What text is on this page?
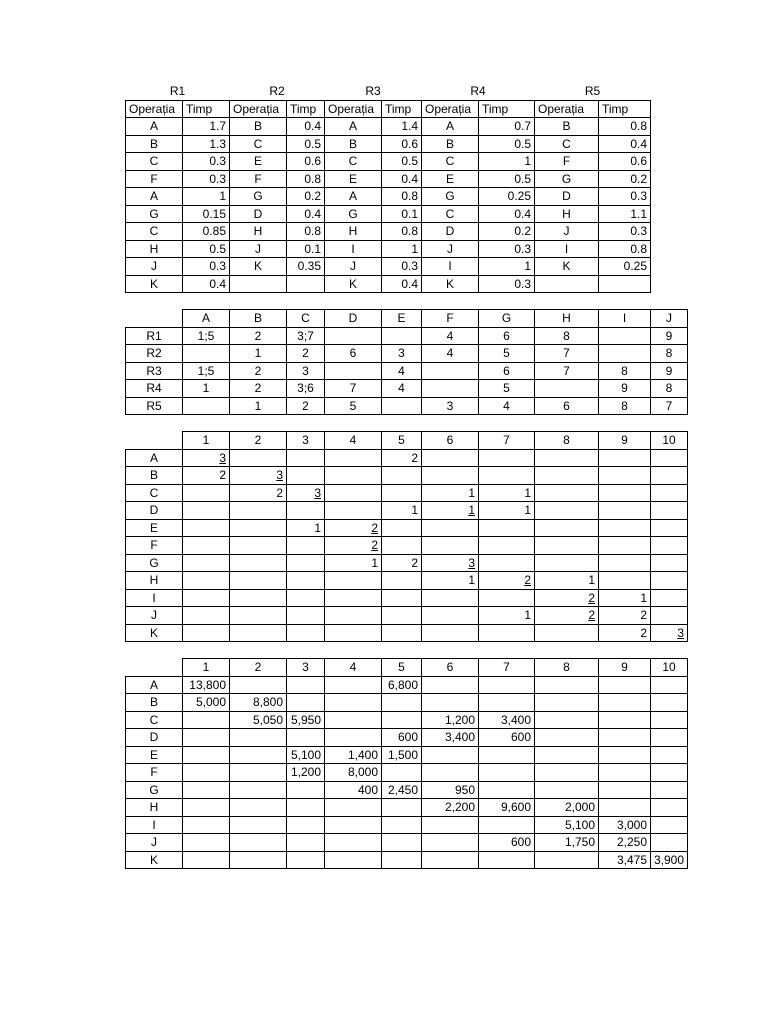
R1		R2		R3		R4		R5	
Operația	Timp	Operația	Timp	Operația	Timp	Operația	Timp	Operația	Timp
A	1.7	B	0.4	A	1.4	A	0.7	B	0.8
B	1.3	C	0.5	B	0.6	B	0.5	C	0.4
C	0.3	E	0.6	C	0.5	C	1	F	0.6
F	0.3	F	0.8	E	0.4	E	0.5	G	0.2
A	1	G	0.2	A	0.8	G	0.25	D	0.3
G	0.15	D	0.4	G	0.1	C	0.4	H	1.1
C	0.85	H	0.8	H	0.8	D	0.2	J	0.3
H	0.5	J	0.1	I	1	J	0.3	I	0.8
J	0.3	K	0.35	J	0.3	I	1	K	0.25
K	0.4			K	0.4	K	0.3		
	A	B	C	D	E	F	G	H	I	J
R1	1;5	2	3;7			4	6	8		9
R2		1	2	6	3	4	5	7		8
R3	1;5	2	3		4		6	7	8	9
R4	1	2	3;6	7	4		5		9	8
R5		1	2	5		3	4	6	8	7
	1	2	3	4	5	6	7	8	9	10
A	3				2					
B	2	3								
C		2	3			1	1			
D					1	1	1			
E			1	2						
F				2						
G				1	2	3				
H						1	2	1		
I								2	1	
J							1	2	2	
K									2	3
	1	2	3	4	5	6	7	8	9	10
A	13,800				6,800					
B	5,000	8,800								
C		5,050	5,950			1,200	3,400			
D					600	3,400	600			
E			5,100	1,400	1,500					
F			1,200	8,000						
G				400	2,450	950				
H						2,200	9,600	2,000		
I								5,100	3,000	
J							600	1,750	2,250	
K									3,475	3,900
